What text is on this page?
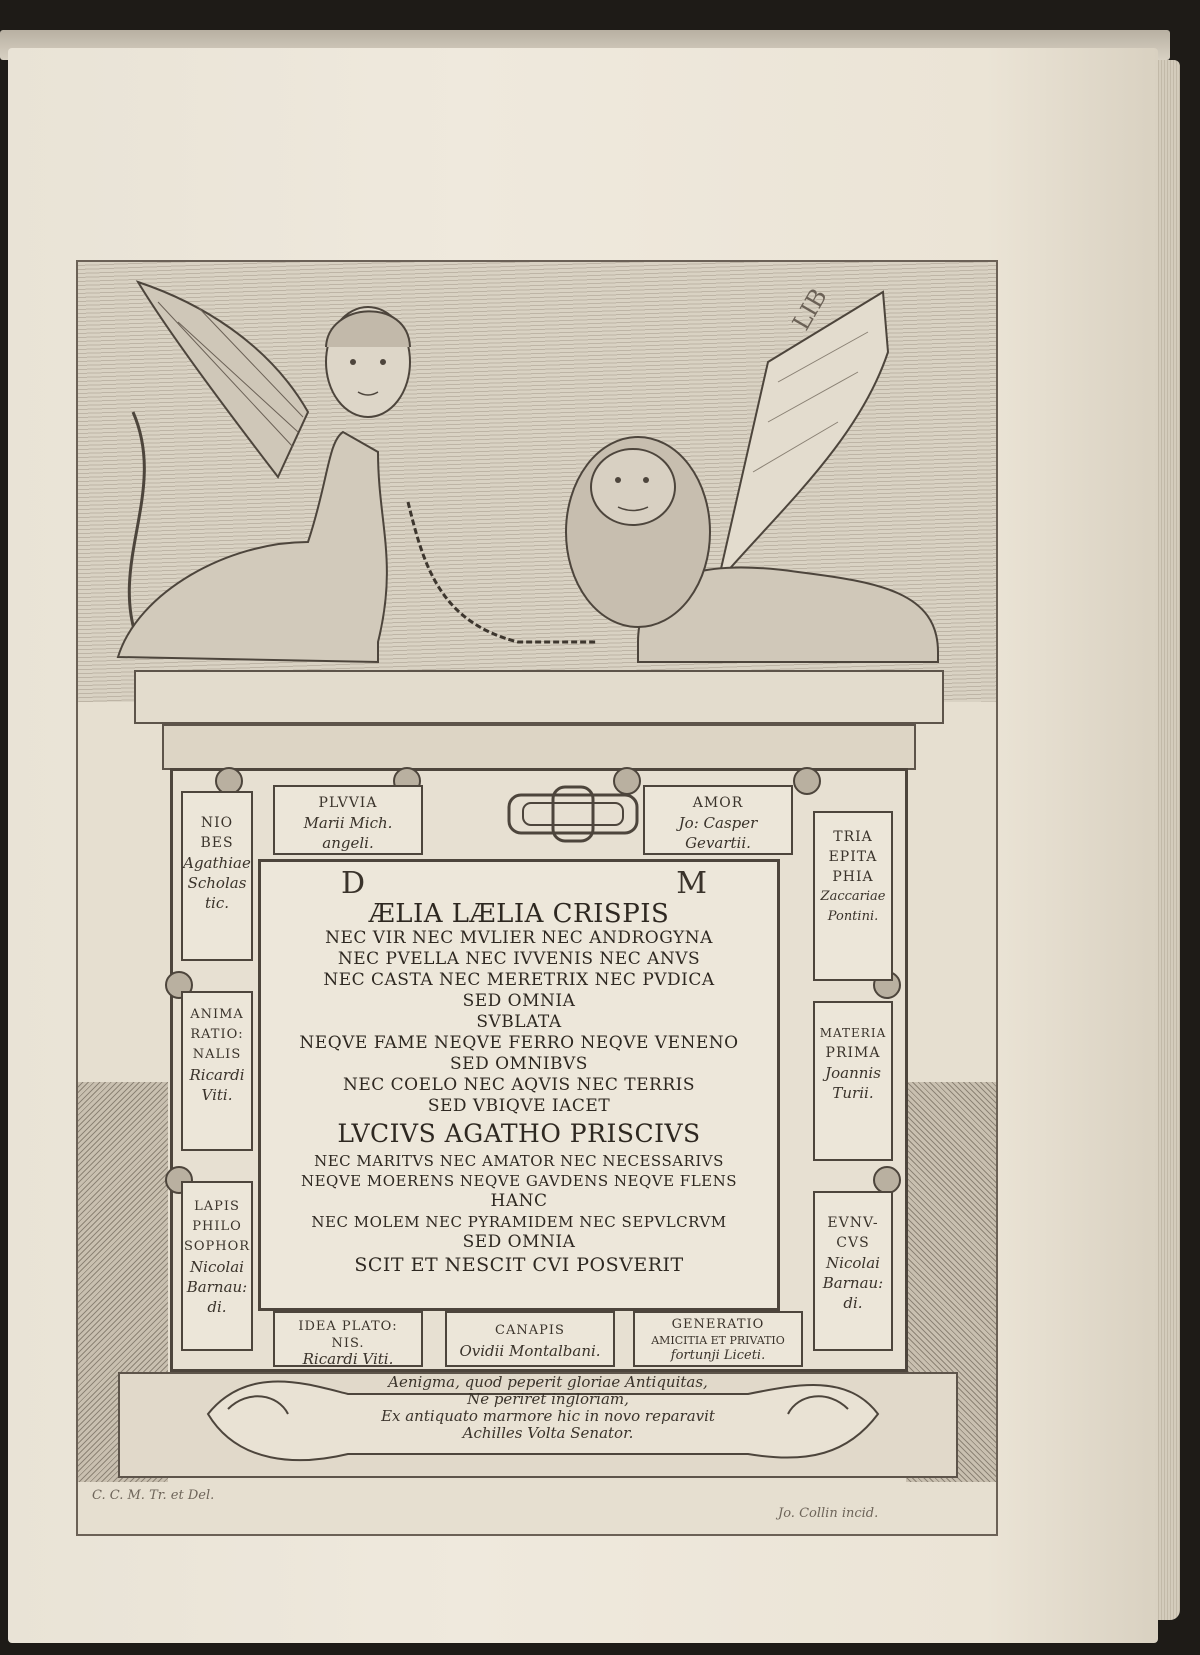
LIB
NIO
BES
Agathiae
Scholas
tic.
PLVVIA
Marii Mich.
angeli.
AMOR
Jo: Casper
Gevartii.	TRIA
EPITA
PHIA
Zaccariae
Pontini.
ANIMA
RATIO:
NALIS
Ricardi
Viti.
MATERIA
PRIMA
Joannis
Turii.
LAPIS
PHILO
SOPHOR
Nicolai
Barnau:
di.
EVNV-
CVS
Nicolai
Barnau:
di.
IDEA PLATO:
NIS.
Ricardi Viti.
CANAPIS
Ovidii Montalbani.
GENERATIO
AMICITIA ET PRIVATIO
fortunji Liceti.
D	M
ÆLIA LÆLIA CRISPIS
NEC VIR NEC MVLIER NEC ANDROGYNA
NEC PVELLA NEC IVVENIS NEC ANVS
NEC CASTA NEC MERETRIX NEC PVDICA
SED OMNIA
SVBLATA
NEQVE FAME NEQVE FERRO NEQVE VENENO
SED OMNIBVS
NEC COELO NEC AQVIS NEC TERRIS
SED VBIQVE IACET
LVCIVS AGATHO PRISCIVS
NEC MARITVS NEC AMATOR NEC NECESSARIVS
NEQVE MOERENS NEQVE GAVDENS NEQVE FLENS
HANC
NEC MOLEM NEC PYRAMIDEM NEC SEPVLCRVM
SED OMNIA
SCIT ET NESCIT CVI POSVERIT
Aenigma, quod peperit gloriae Antiquitas,
Ne periret ingloriam,
Ex antiquato marmore hic in novo reparavit
Achilles Volta Senator.
C. C. M. Tr. et Del.
Jo. Collin incid.
